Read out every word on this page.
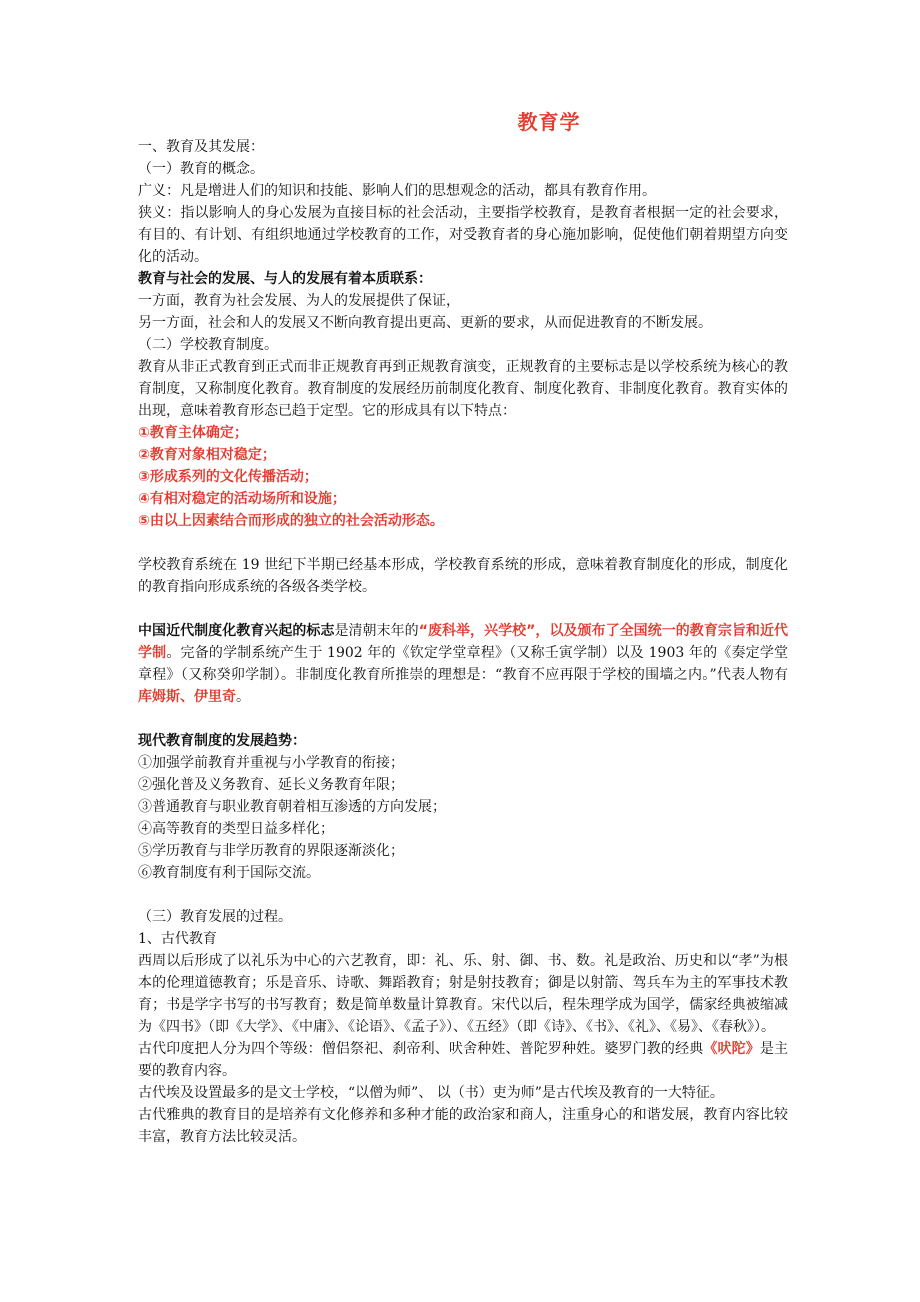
教育学

一、教育及其发展：

（一）教育的概念。

广义：凡是增进人们的知识和技能、影响人们的思想观念的活动，都具有教育作用。

狭义：指以影响人的身心发展为直接目标的社会活动，主要指学校教育，是教育者根据一定的社会要求，有目的、有计划、有组织地通过学校教育的工作，对受教育者的身心施加影响，促使他们朝着期望方向变化的活动。

教育与社会的发展、与人的发展有着本质联系：

一方面，教育为社会发展、为人的发展提供了保证，

另一方面，社会和人的发展又不断向教育提出更高、更新的要求，从而促进教育的不断发展。

（二）学校教育制度。

教育从非正式教育到正式而非正规教育再到正规教育演变，正规教育的主要标志是以学校系统为核心的教育制度，又称制度化教育。教育制度的发展经历前制度化教育、制度化教育、非制度化教育。教育实体的出现，意味着教育形态已趋于定型。它的形成具有以下特点：

①教育主体确定；

②教育对象相对稳定；

③形成系列的文化传播活动；

④有相对稳定的活动场所和设施；

⑤由以上因素结合而形成的独立的社会活动形态。

学校教育系统在 19 世纪下半期已经基本形成，学校教育系统的形成，意味着教育制度化的形成，制度化的教育指向形成系统的各级各类学校。

中国近代制度化教育兴起的标志是清朝末年的“废科举，兴学校”，以及颁布了全国统一的教育宗旨和近代学制。完备的学制系统产生于 1902 年的《钦定学堂章程》（又称壬寅学制）以及 1903 年的《奏定学堂章程》（又称癸卯学制）。非制度化教育所推崇的理想是：“教育不应再限于学校的围墙之内。”代表人物有库姆斯、伊里奇。

现代教育制度的发展趋势：

①加强学前教育并重视与小学教育的衔接；

②强化普及义务教育、延长义务教育年限；

③普通教育与职业教育朝着相互渗透的方向发展；

④高等教育的类型日益多样化；

⑤学历教育与非学历教育的界限逐渐淡化；

⑥教育制度有利于国际交流。

（三）教育发展的过程。

1、古代教育

西周以后形成了以礼乐为中心的六艺教育，即：礼、乐、射、御、书、数。礼是政治、历史和以“孝”为根本的伦理道德教育；乐是音乐、诗歌、舞蹈教育；射是射技教育；御是以射箭、驾兵车为主的军事技术教育；书是学字书写的书写教育；数是简单数量计算教育。宋代以后，程朱理学成为国学，儒家经典被缩减为《四书》（即《大学》、《中庸》、《论语》、《孟子》）、《五经》（即《诗》、《书》、《礼》、《易》、《春秋》）。

古代印度把人分为四个等级：僧侣祭祀、刹帝利、吠舍种姓、普陀罗种姓。婆罗门教的经典《吠陀》是主要的教育内容。

古代埃及设置最多的是文士学校，“以僧为师”、 以（书）吏为师”是古代埃及教育的一大特征。

古代雅典的教育目的是培养有文化修养和多种才能的政治家和商人，注重身心的和谐发展，教育内容比较丰富，教育方法比较灵活。
